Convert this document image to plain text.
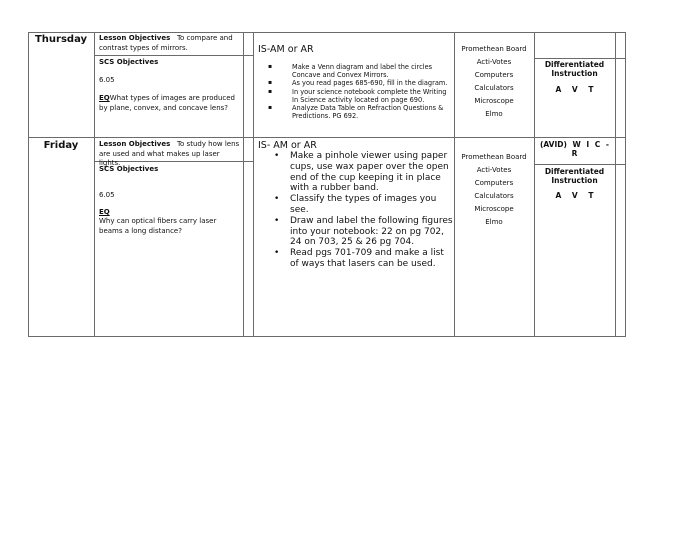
Thursday	Lesson Objectives To compare and contrast types of mirrors.
SCS Objectives
6.05
EQWhat types of images are produced by plane, convex, and concave lens?
IS-AM or AR
▪ Make a Venn diagram and label the circles Concave and Convex Mirrors.
▪ As you read pages 685-690, fill in the diagram.
▪ In your science notebook complete the Writing In Science activity located on page 690.
▪ Analyze Data Table on Refraction Questions & Predictions. PG 692.
Promethean Board
Acti-Votes
Computers
Calculators
Microscope
Elmo
Differentiated Instruction
A V T
Friday	Lesson Objectives To study how lens are used and what makes up laser lights.
SCS Objectives
6.05
EQ
Why can optical fibers carry laser beams a long distance?
IS- AM or AR
• Make a pinhole viewer using paper cups, use wax paper over the open end of the cup keeping it in place with a rubber band.
• Classify the types of images you see.
• Draw and label the following figures into your notebook: 22 on pg 702, 24 on 703, 25 & 26 pg 704.
• Read pgs 701-709 and make a list of ways that lasers can be used.
Promethean Board
Acti-Votes
Computers
Calculators
Microscope
Elmo
(AVID) W I C - R
Differentiated Instruction
A V T
